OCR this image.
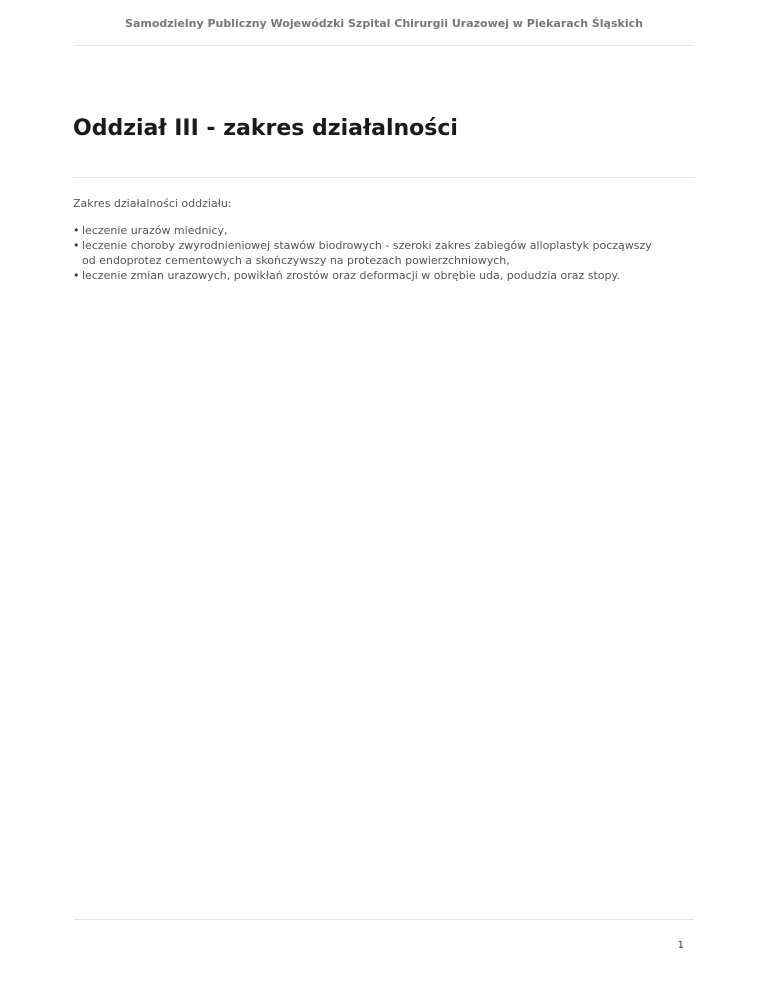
Samodzielny Publiczny Wojewódzki Szpital Chirurgii Urazowej w Piekarach Śląskich

Oddział III - zakres działalności

Zakres działalności oddziału:

• leczenie urazów miednicy,
• leczenie choroby zwyrodnieniowej stawów biodrowych - szeroki zakres zabiegów alloplastyk począwszy od endoprotez cementowych a skończywszy na protezach powierzchniowych,
• leczenie zmian urazowych, powikłań zrostów oraz deformacji w obrębie uda, podudzia oraz stopy.

1
